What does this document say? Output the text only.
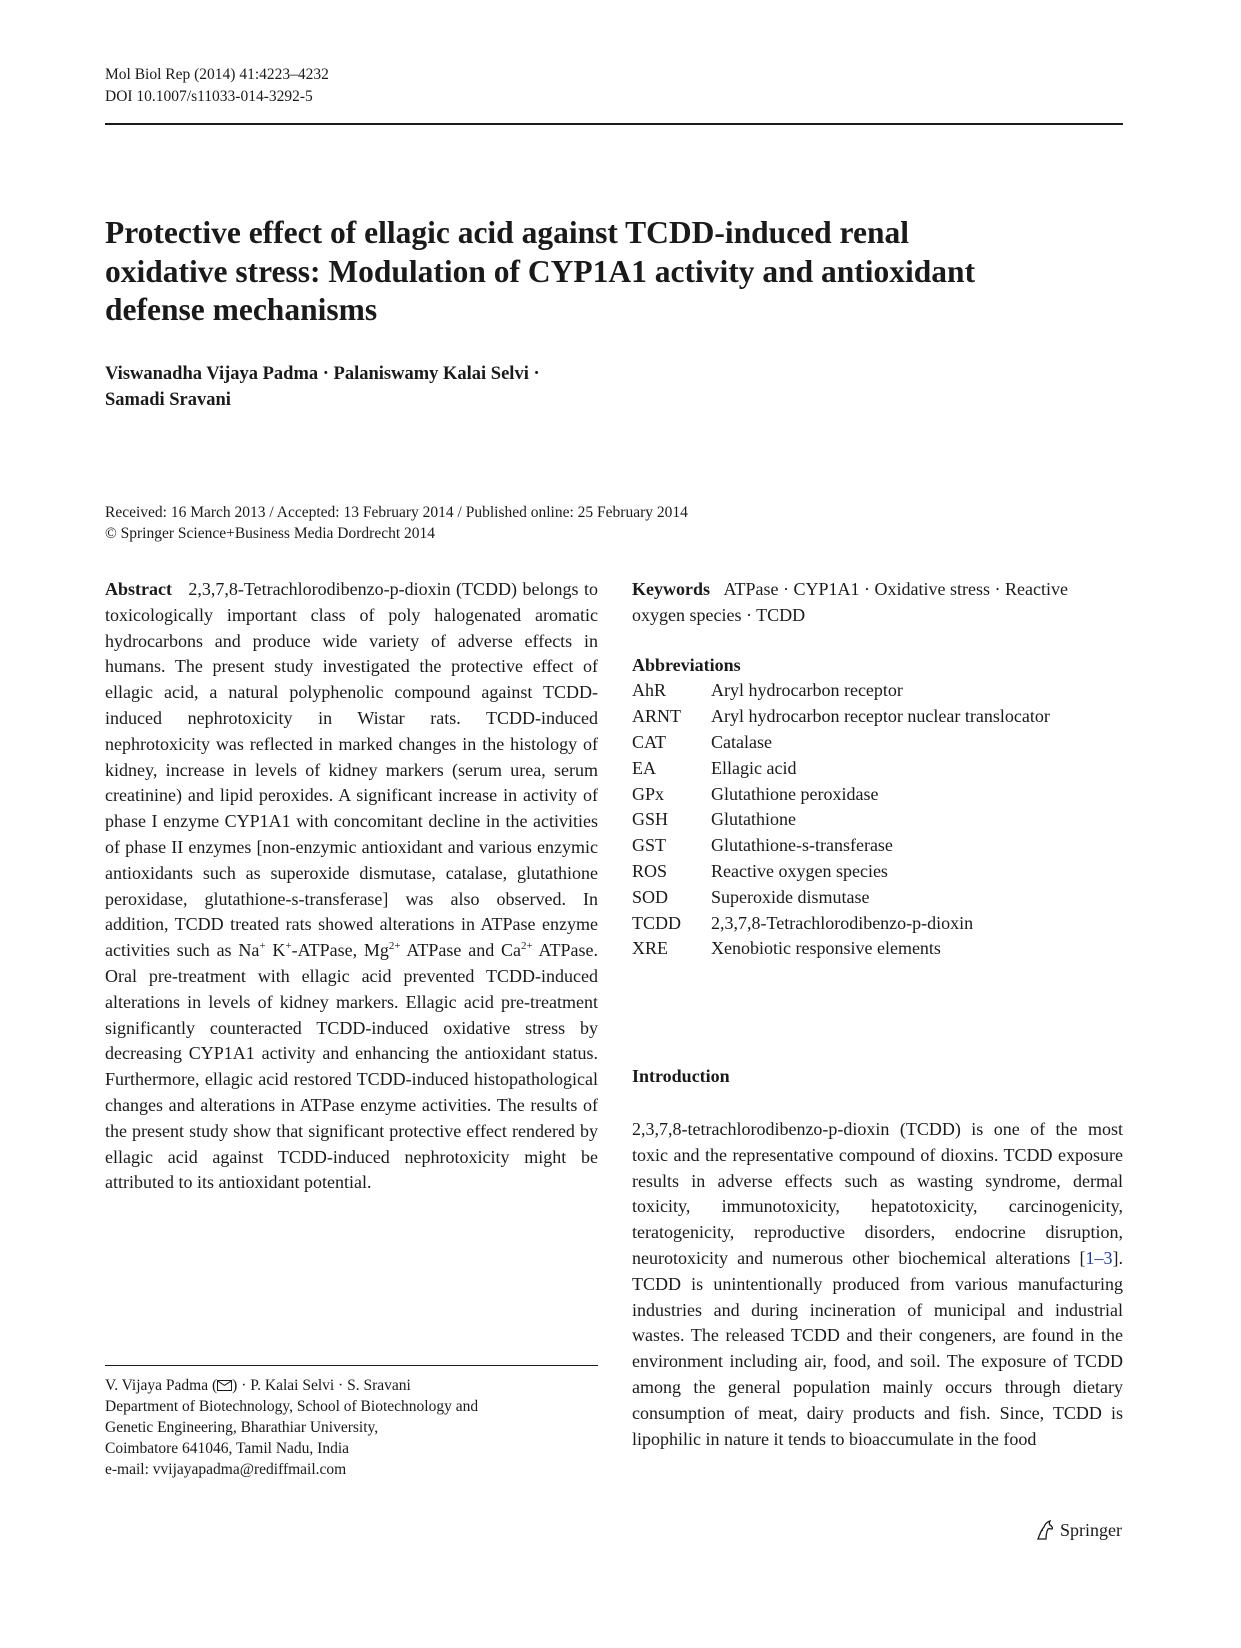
Mol Biol Rep (2014) 41:4223–4232
DOI 10.1007/s11033-014-3292-5
Protective effect of ellagic acid against TCDD-induced renal
oxidative stress: Modulation of CYP1A1 activity and antioxidant
defense mechanisms
Viswanadha Vijaya Padma · Palaniswamy Kalai Selvi ·
Samadi Sravani
Received: 16 March 2013 / Accepted: 13 February 2014 / Published online: 25 February 2014
© Springer Science+Business Media Dordrecht 2014

Abstract 2,3,7,8-Tetrachlorodibenzo-p-dioxin (TCDD) belongs to toxicologically important class of poly halogenated aromatic hydrocarbons and produce wide variety of adverse effects in humans. The present study investigated the protective effect of ellagic acid, a natural polyphenolic compound against TCDD-induced nephrotoxicity in Wistar rats. TCDD-induced nephrotoxicity was reflected in marked changes in the histology of kidney, increase in levels of kidney markers (serum urea, serum creatinine) and lipid peroxides. A significant increase in activity of phase I enzyme CYP1A1 with concomitant decline in the activities of phase II enzymes [non-enzymic antioxidant and various enzymic antioxidants such as superoxide dismutase, catalase, glutathione peroxidase, glutathione-s-transferase] was also observed. In addition, TCDD treated rats showed alterations in ATPase enzyme activities such as Na+ K+-ATPase, $Mg^{2+}$ ATPase and $Ca^{2+}$ ATPase. Oral pre-treatment with ellagic acid prevented TCDD-induced alterations in levels of kidney markers. Ellagic acid pre-treatment significantly counteracted TCDD-induced oxidative stress by decreasing CYP1A1 activity and enhancing the antioxidant status. Furthermore, ellagic acid restored TCDD-induced histopathological changes and alterations in ATPase enzyme activities. The results of the present study show that significant protective effect rendered by ellagic acid against TCDD-induced nephrotoxicity might be attributed to its antioxidant potential.

Keywords ATPase · CYP1A1 · Oxidative stress · Reactive oxygen species · TCDD

Abbreviations
AhR	Aryl hydrocarbon receptor
ARNT	Aryl hydrocarbon receptor nuclear translocator
CAT	Catalase
EA	Ellagic acid
GPx	Glutathione peroxidase
GSH	Glutathione
GST	Glutathione-s-transferase
ROS	Reactive oxygen species
SOD	Superoxide dismutase
TCDD	2,3,7,8-Tetrachlorodibenzo-p-dioxin
XRE	Xenobiotic responsive elements
Introduction

2,3,7,8-tetrachlorodibenzo-p-dioxin (TCDD) is one of the most toxic and the representative compound of dioxins. TCDD exposure results in adverse effects such as wasting syndrome, dermal toxicity, immunotoxicity, hepatotoxicity, carcinogenicity, teratogenicity, reproductive disorders, endocrine disruption, neurotoxicity and numerous other biochemical alterations [1–3]. TCDD is unintentionally produced from various manufacturing industries and during incineration of municipal and industrial wastes. The released TCDD and their congeners, are found in the environment including air, food, and soil. The exposure of TCDD among the general population mainly occurs through dietary consumption of meat, dairy products and fish. Since, TCDD is lipophilic in nature it tends to bioaccumulate in the food

V. Vijaya Padma ( ) · P. Kalai Selvi · S. Sravani
Department of Biotechnology, School of Biotechnology and
Genetic Engineering, Bharathiar University,
Coimbatore 641046, Tamil Nadu, India
e-mail: vvijayapadma@rediffmail.com
Springer
